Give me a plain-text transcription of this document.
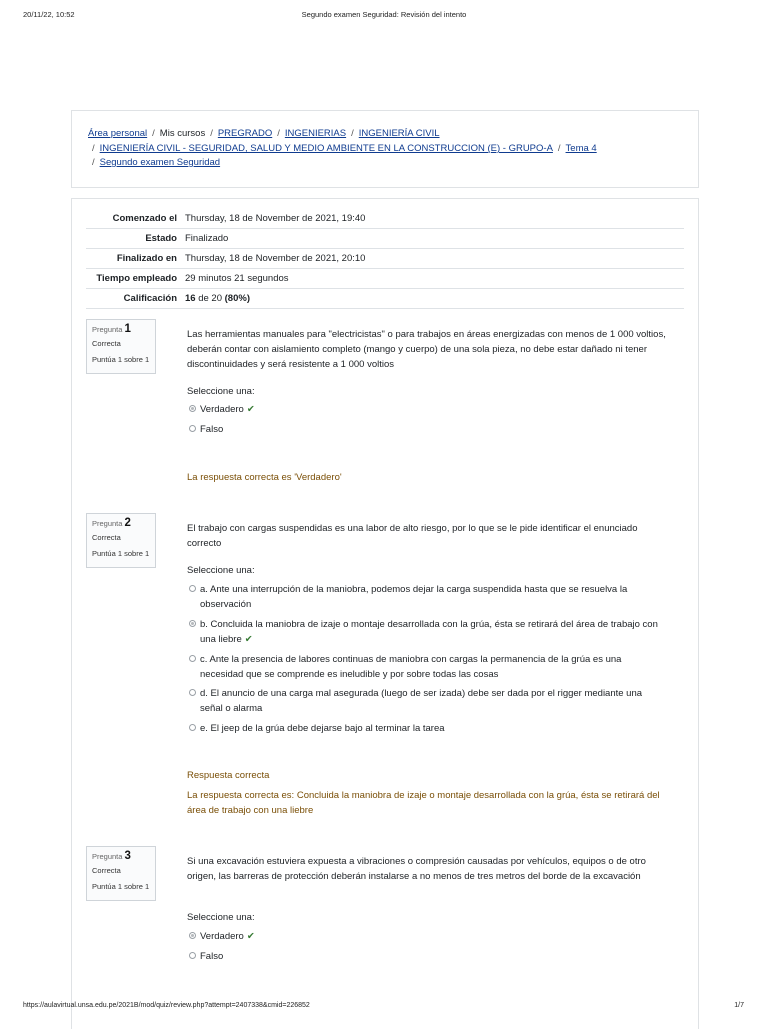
20/11/22, 10:52	Segundo examen Seguridad: Revisión del intento
Área personal / Mis cursos / PREGRADO / INGENIERIAS / INGENIERÍA CIVIL
/ INGENIERÍA CIVIL - SEGURIDAD, SALUD Y MEDIO AMBIENTE EN LA CONSTRUCCION (E) - GRUPO-A / Tema 4
/ Segundo examen Seguridad
Comenzado el Thursday, 18 de November de 2021, 19:40
Estado Finalizado
Finalizado en Thursday, 18 de November de 2021, 20:10
Tiempo empleado 29 minutos 21 segundos
Calificación 16 de 20 (80%)
Pregunta 1
Correcta
Puntúa 1 sobre 1
Las herramientas manuales para "electricistas" o para trabajos en áreas energizadas con menos de 1 000 voltios, deberán contar con aislamiento completo (mango y cuerpo) de una sola pieza, no debe estar dañado ni tener discontinuidades y será resistente a 1 000 voltios
Seleccione una:
Verdadero ✔
Falso
La respuesta correcta es 'Verdadero'
Pregunta 2
Correcta
Puntúa 1 sobre 1
El trabajo con cargas suspendidas es una labor de alto riesgo, por lo que se le pide identificar el enunciado correcto
Seleccione una:
a. Ante una interrupción de la maniobra, podemos dejar la carga suspendida hasta que se resuelva la observación
b. Concluida la maniobra de izaje o montaje desarrollada con la grúa, ésta se retirará del área de trabajo con una liebre ✔
c. Ante la presencia de labores continuas de maniobra con cargas la permanencia de la grúa es una necesidad que se comprende es ineludible y por sobre todas las cosas
d. El anuncio de una carga mal asegurada (luego de ser izada) debe ser dada por el rigger mediante una señal o alarma
e. El jeep de la grúa debe dejarse bajo al terminar la tarea
Respuesta correcta
La respuesta correcta es: Concluida la maniobra de izaje o montaje desarrollada con la grúa, ésta se retirará del área de trabajo con una liebre
Pregunta 3
Correcta
Puntúa 1 sobre 1
Si una excavación estuviera expuesta a vibraciones o compresión causadas por vehículos, equipos o de otro origen, las barreras de protección deberán instalarse a no menos de tres metros del borde de la excavación
Seleccione una:
Verdadero ✔
Falso
https://aulavirtual.unsa.edu.pe/2021B/mod/quiz/review.php?attempt=2407338&cmid=226852	1/7
